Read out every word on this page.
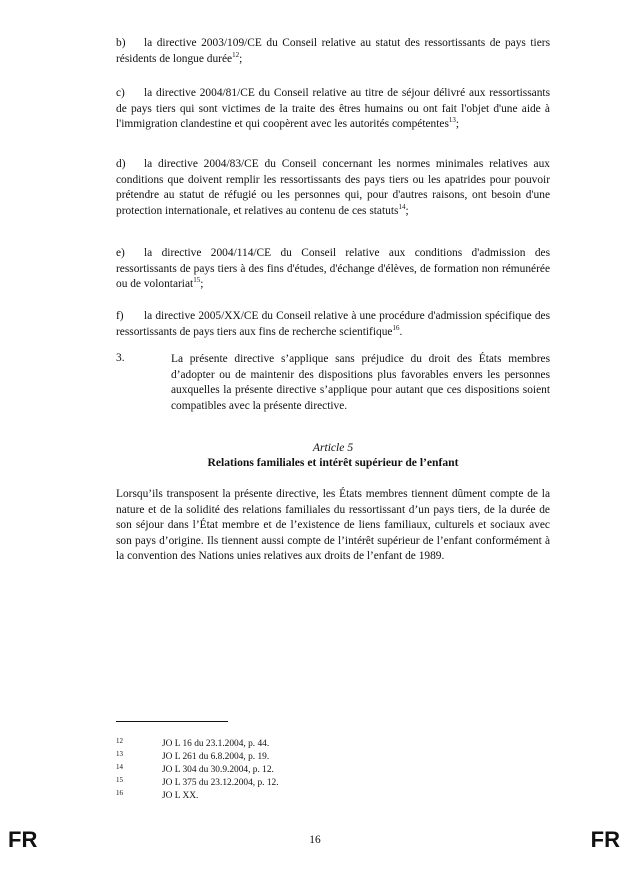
b) la directive 2003/109/CE du Conseil relative au statut des ressortissants de pays tiers résidents de longue durée$^{12}$;
c) la directive 2004/81/CE du Conseil relative au titre de séjour délivré aux ressortissants de pays tiers qui sont victimes de la traite des êtres humains ou ont fait l'objet d'une aide à l'immigration clandestine et qui coopèrent avec les autorités compétentes$^{13}$;
d) la directive 2004/83/CE du Conseil concernant les normes minimales relatives aux conditions que doivent remplir les ressortissants des pays tiers ou les apatrides pour pouvoir prétendre au statut de réfugié ou les personnes qui, pour d'autres raisons, ont besoin d'une protection internationale, et relatives au contenu de ces statuts$^{14}$;
e) la directive 2004/114/CE du Conseil relative aux conditions d'admission des ressortissants de pays tiers à des fins d'études, d'échange d'élèves, de formation non rémunérée ou de volontariat$^{15}$;
f) la directive 2005/XX/CE du Conseil relative à une procédure d'admission spécifique des ressortissants de pays tiers aux fins de recherche scientifique$^{16}$.
3.	La présente directive s’applique sans préjudice du droit des États membres d’adopter ou de maintenir des dispositions plus favorables envers les personnes auxquelles la présente directive s’applique pour autant que ces dispositions soient compatibles avec la présente directive.
Article 5
Relations familiales et intérêt supérieur de l’enfant
Lorsqu’ils transposent la présente directive, les États membres tiennent dûment compte de la nature et de la solidité des relations familiales du ressortissant d’un pays tiers, de la durée de son séjour dans l’État membre et de l’existence de liens familiaux, culturels et sociaux avec son pays d’origine. Ils tiennent aussi compte de l’intérêt supérieur de l’enfant conformément à la convention des Nations unies relatives aux droits de l’enfant de 1989.
12	JO L 16 du 23.1.2004, p. 44.
13	JO L 261 du 6.8.2004, p. 19.
14	JO L 304 du 30.9.2004, p. 12.
15	JO L 375 du 23.12.2004, p. 12.
16	JO L XX.
FR	16	FR
